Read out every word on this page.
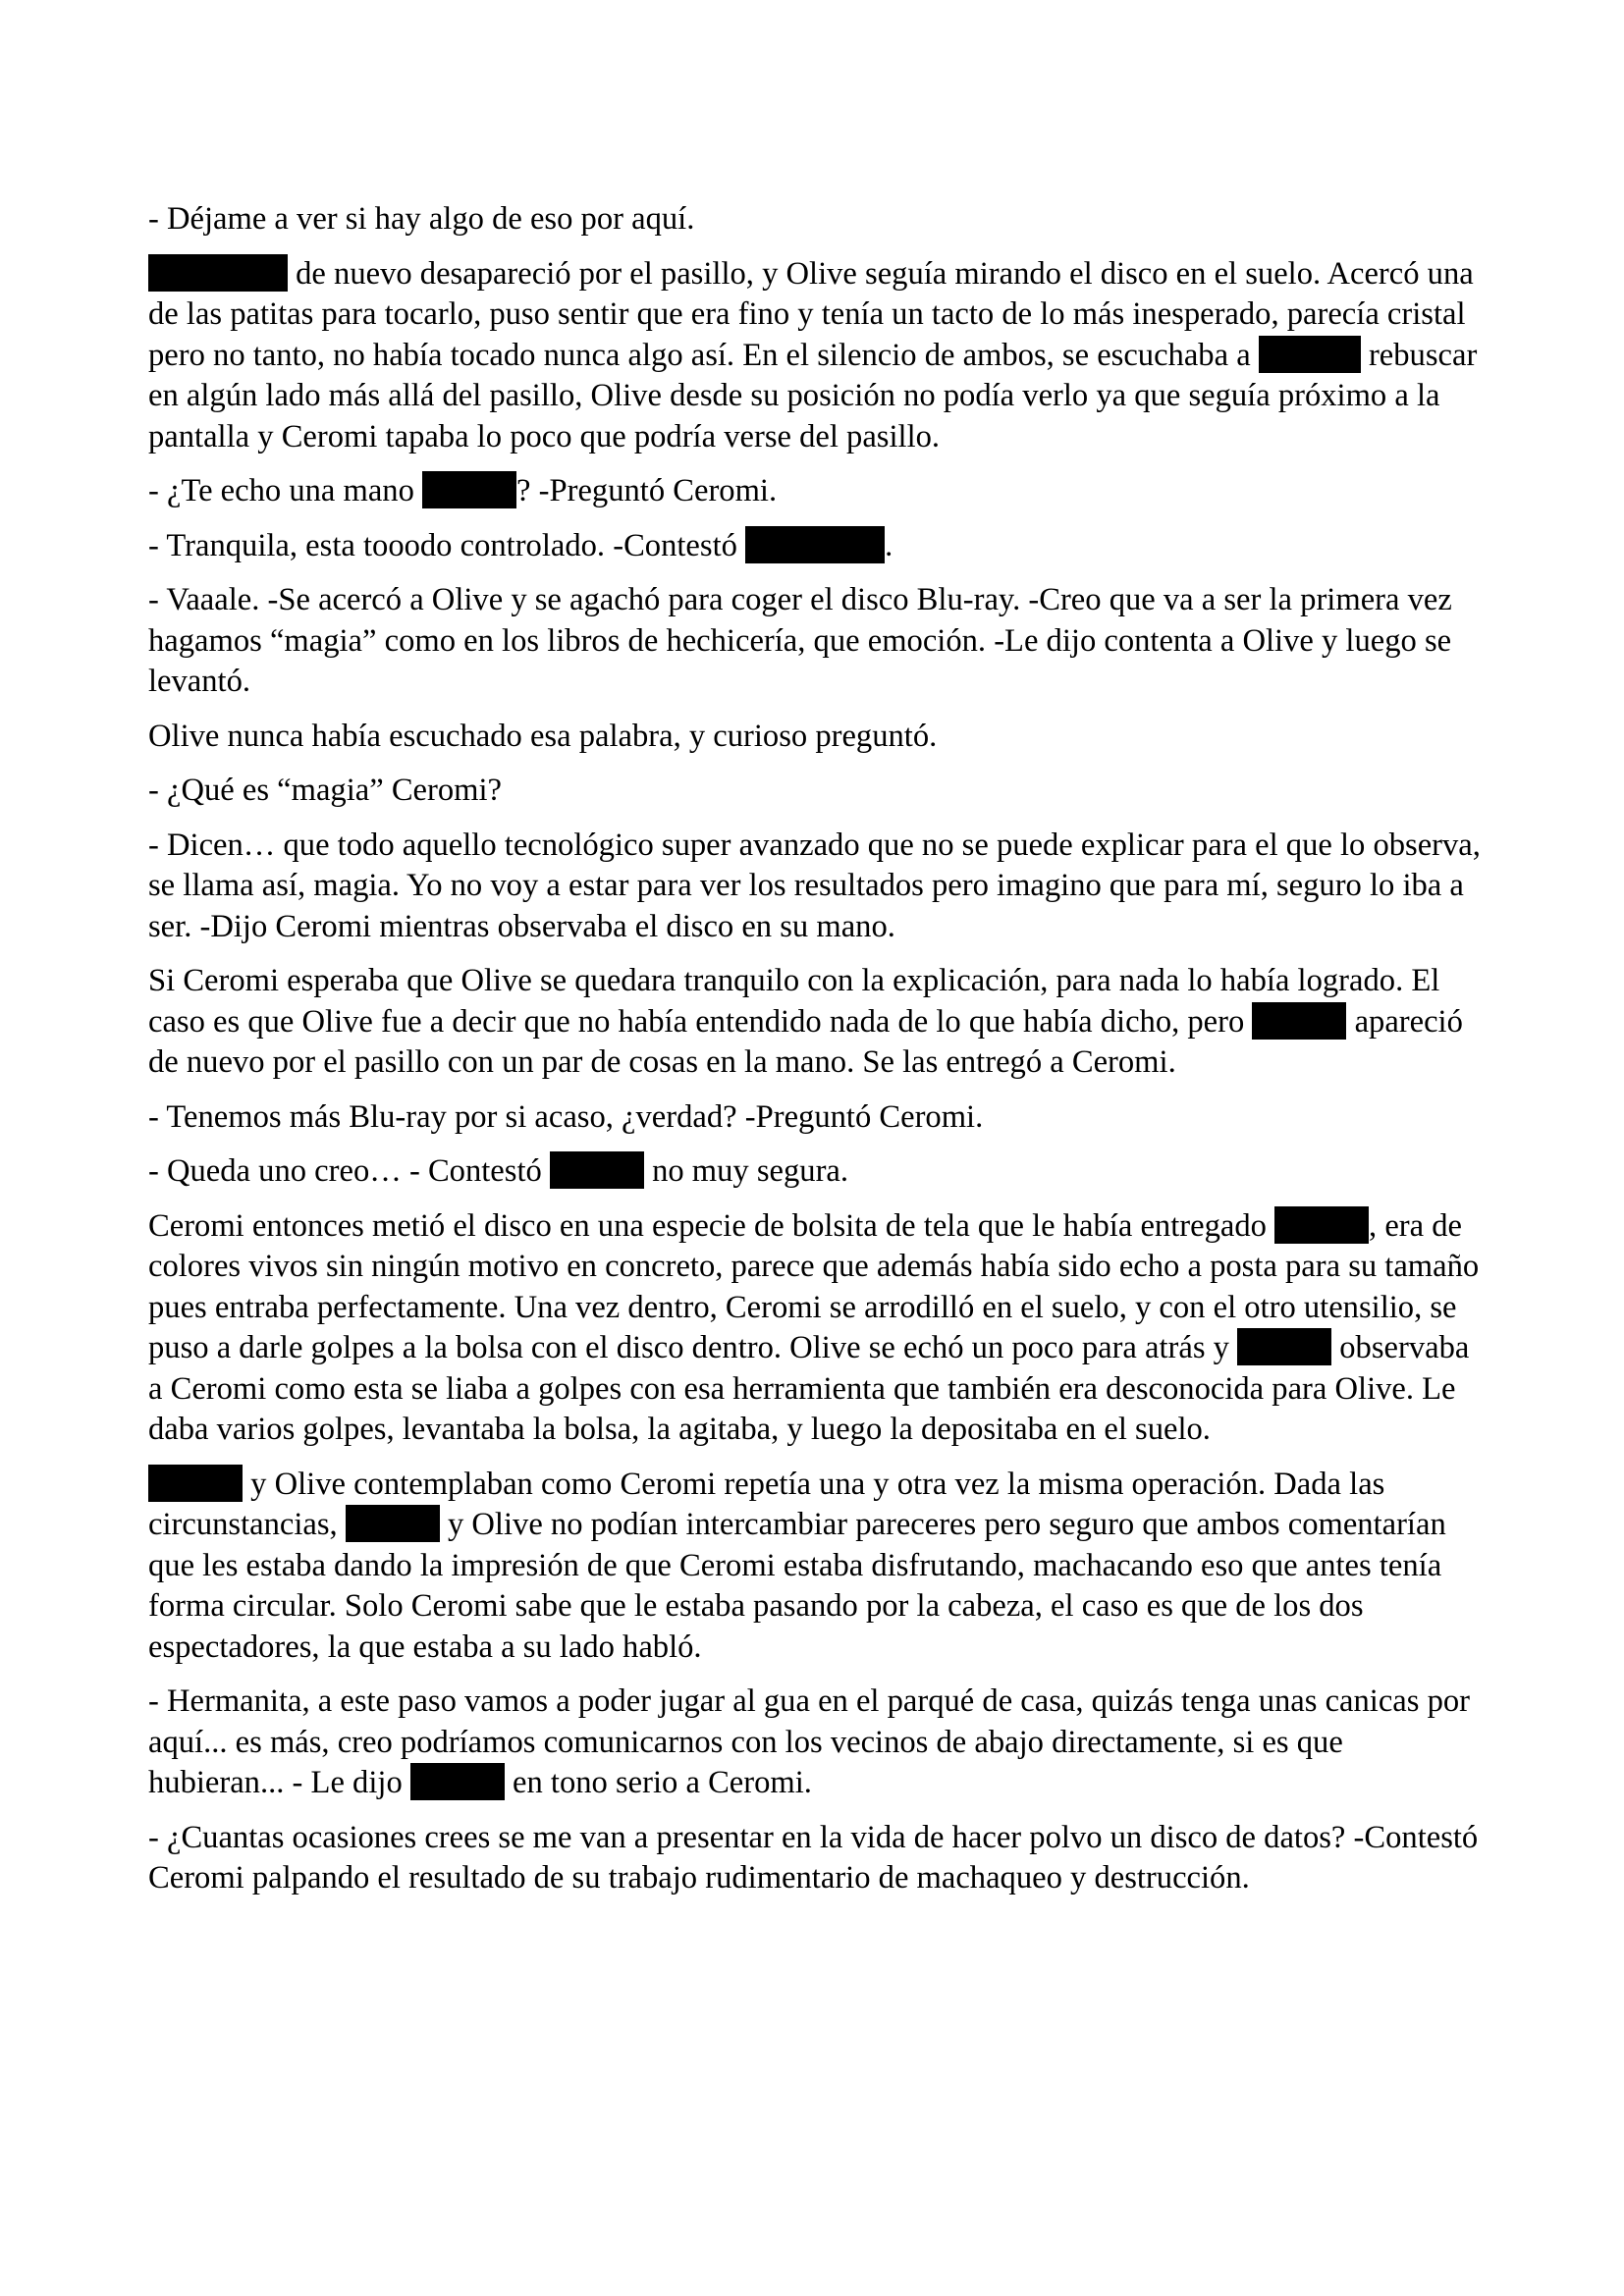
- Déjame a ver si hay algo de eso por aquí.

de nuevo desapareció por el pasillo, y Olive seguía mirando el disco en el suelo. Acercó una de las patitas para tocarlo, puso sentir que era fino y tenía un tacto de lo más inesperado, parecía cristal pero no tanto, no había tocado nunca algo así. En el silencio de ambos, se escuchaba a	rebuscar en algún lado más allá del pasillo, Olive desde su posición no podía verlo ya que seguía próximo a la pantalla y Ceromi tapaba lo poco que podría verse del pasillo.

- ¿Te echo una mano	? -Preguntó Ceromi.

- Tranquila, esta tooodo controlado. -Contestó	.

- Vaaale. -Se acercó a Olive y se agachó para coger el disco Blu-ray. -Creo que va a ser la primera vez hagamos “magia” como en los libros de hechicería, que emoción. -Le dijo contenta a Olive y luego se levantó.

Olive nunca había escuchado esa palabra, y curioso preguntó.

- ¿Qué es “magia” Ceromi?

- Dicen… que todo aquello tecnológico super avanzado que no se puede explicar para el que lo observa, se llama así, magia. Yo no voy a estar para ver los resultados pero imagino que para mí, seguro lo iba a ser. -Dijo Ceromi mientras observaba el disco en su mano.

Si Ceromi esperaba que Olive se quedara tranquilo con la explicación, para nada lo había logrado. El caso es que Olive fue a decir que no había entendido nada de lo que había dicho, pero	apareció de nuevo por el pasillo con un par de cosas en la mano. Se las entregó a Ceromi.

- Tenemos más Blu-ray por si acaso, ¿verdad? -Preguntó Ceromi.

- Queda uno creo… - Contestó	no muy segura.

Ceromi entonces metió el disco en una especie de bolsita de tela que le había entregado	, era de colores vivos sin ningún motivo en concreto, parece que además había sido echo a posta para su tamaño pues entraba perfectamente. Una vez dentro, Ceromi se arrodilló en el suelo, y con el otro utensilio, se puso a darle golpes a la bolsa con el disco dentro. Olive se echó un poco para atrás y	observaba a Ceromi como esta se liaba a golpes con esa herramienta que también era desconocida para Olive. Le daba varios golpes, levantaba la bolsa, la agitaba, y luego la depositaba en el suelo.

y Olive contemplaban como Ceromi repetía una y otra vez la misma operación. Dada las circunstancias,	y Olive no podían intercambiar pareceres pero seguro que ambos comentarían que les estaba dando la impresión de que Ceromi estaba disfrutando, machacando eso que antes tenía forma circular. Solo Ceromi sabe que le estaba pasando por la cabeza, el caso es que de los dos espectadores, la que estaba a su lado habló.

- Hermanita, a este paso vamos a poder jugar al gua en el parqué de casa, quizás tenga unas canicas por aquí... es más, creo podríamos comunicarnos con los vecinos de abajo directamente, si es que hubieran... - Le dijo	en tono serio a Ceromi.

- ¿Cuantas ocasiones crees se me van a presentar en la vida de hacer polvo un disco de datos? -Contestó Ceromi palpando el resultado de su trabajo rudimentario de machaqueo y destrucción.
